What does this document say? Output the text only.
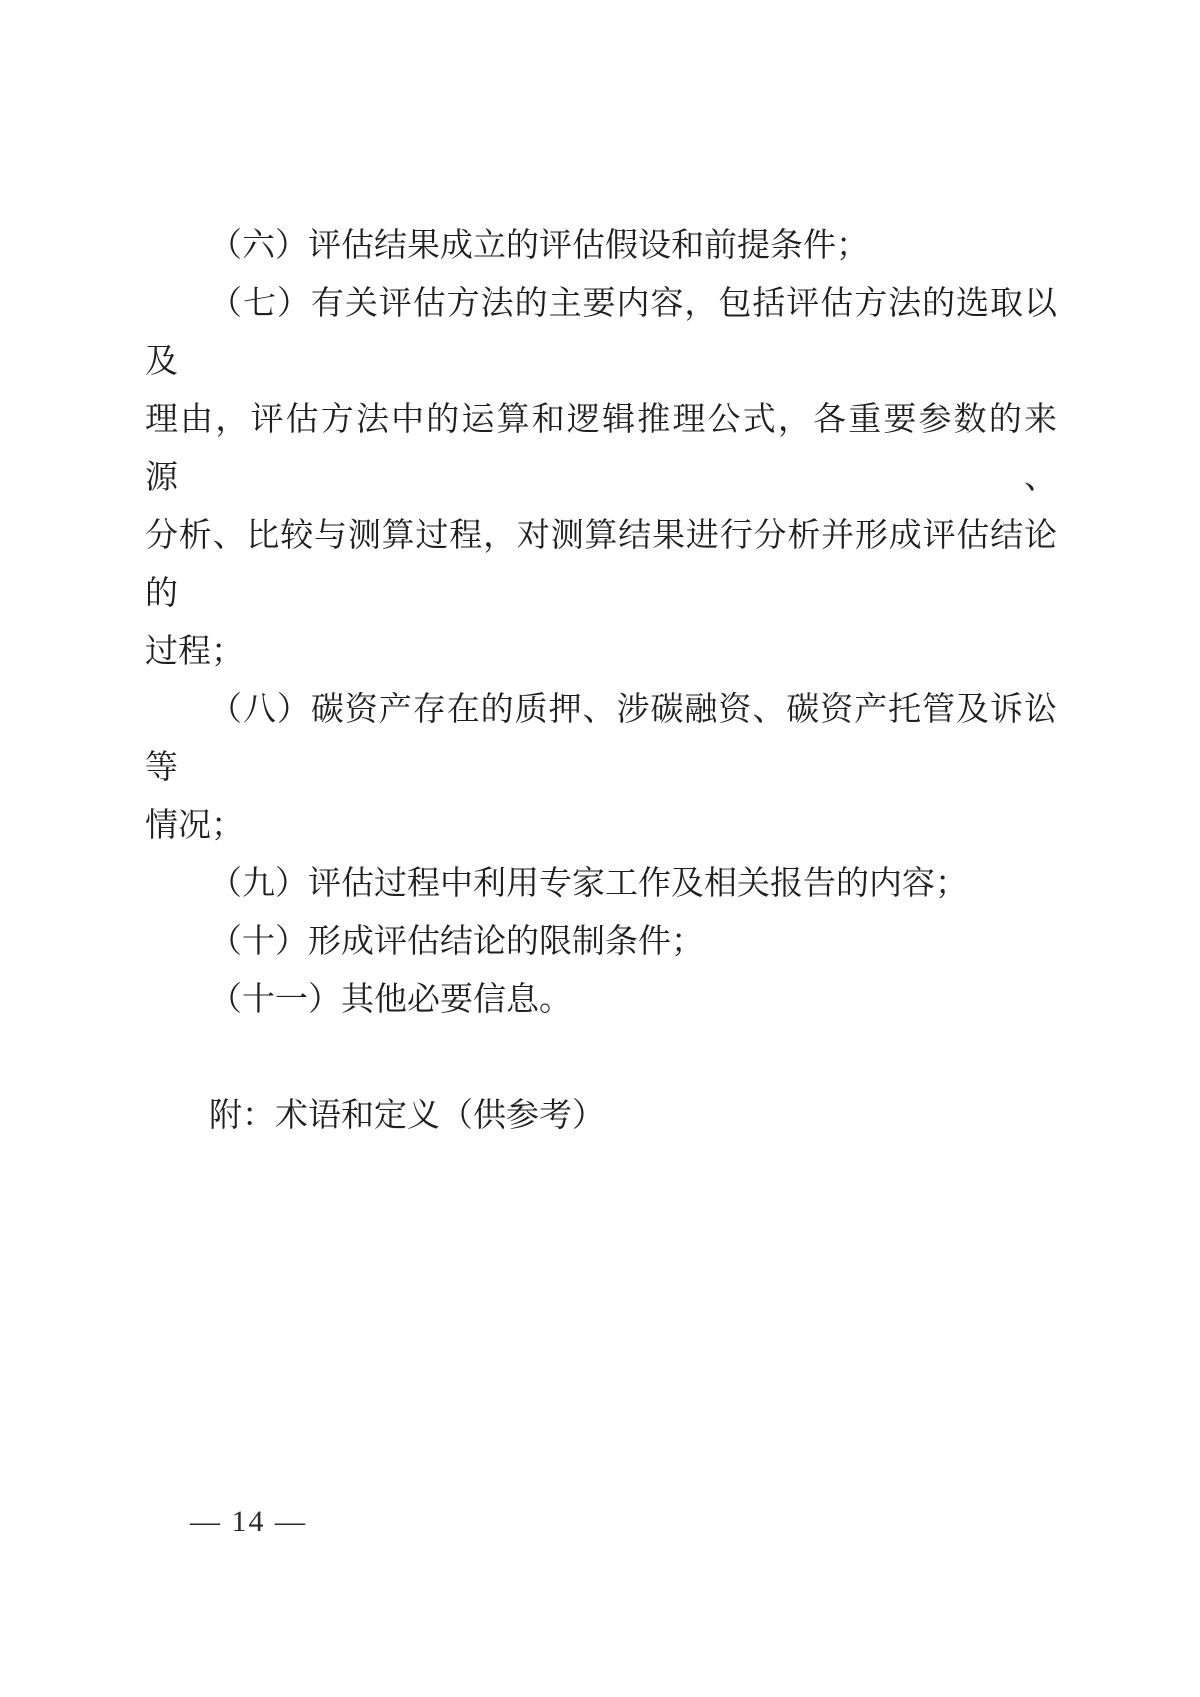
（六）评估结果成立的评估假设和前提条件；

（七）有关评估方法的主要内容，包括评估方法的选取以及

理由，评估方法中的运算和逻辑推理公式，各重要参数的来源、

分析、比较与测算过程，对测算结果进行分析并形成评估结论的

过程；

（八）碳资产存在的质押、涉碳融资、碳资产托管及诉讼等

情况；

（九）评估过程中利用专家工作及相关报告的内容；

（十）形成评估结论的限制条件；

（十一）其他必要信息。

附：术语和定义（供参考）

— 14 —
